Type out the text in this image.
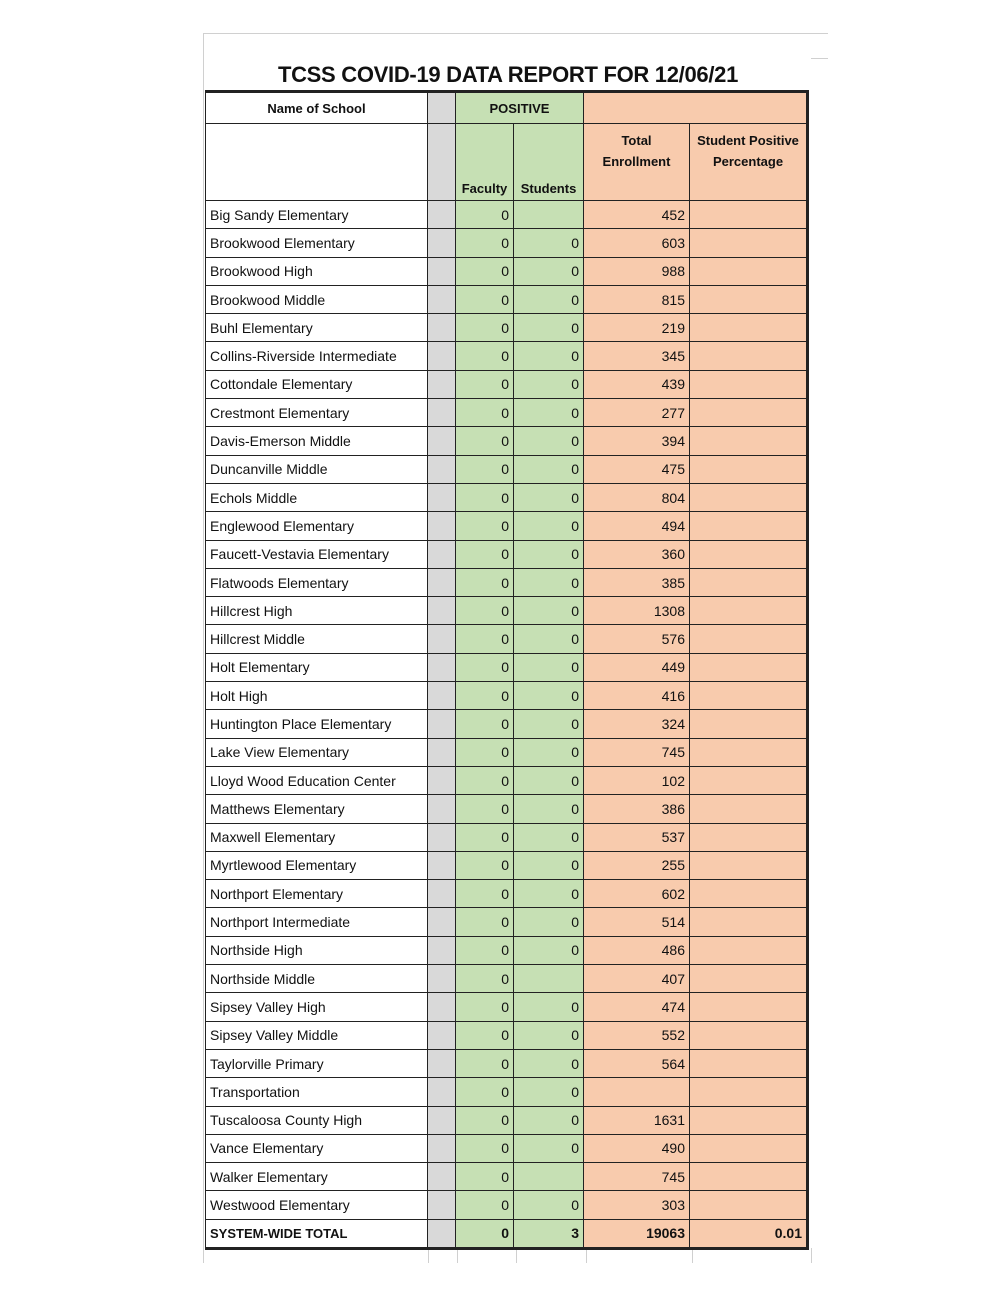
TCSS COVID-19 DATA REPORT FOR 12/06/21
Name of School		POSITIVE			
		Faculty	Students	Total Enrollment	Student Positive Percentage
Big Sandy Elementary		0		452	
Brookwood Elementary		0	0	603	
Brookwood High		0	0	988	
Brookwood Middle		0	0	815	
Buhl Elementary		0	0	219	
Collins-Riverside Intermediate		0	0	345	
Cottondale Elementary		0	0	439	
Crestmont Elementary		0	0	277	
Davis-Emerson Middle		0	0	394	
Duncanville Middle		0	0	475	
Echols Middle		0	0	804	
Englewood Elementary		0	0	494	
Faucett-Vestavia Elementary		0	0	360	
Flatwoods Elementary		0	0	385	
Hillcrest High		0	0	1308	
Hillcrest Middle		0	0	576	
Holt Elementary		0	0	449	
Holt High		0	0	416	
Huntington Place Elementary		0	0	324	
Lake View Elementary		0	0	745	
Lloyd Wood Education Center		0	0	102	
Matthews Elementary		0	0	386	
Maxwell Elementary		0	0	537	
Myrtlewood Elementary		0	0	255	
Northport Elementary		0	0	602	
Northport Intermediate		0	0	514	
Northside High		0	0	486	
Northside Middle		0		407	
Sipsey Valley High		0	0	474	
Sipsey Valley Middle		0	0	552	
Taylorville Primary		0	0	564	
Transportation		0	0		
Tuscaloosa County High		0	0	1631	
Vance Elementary		0	0	490	
Walker Elementary		0		745	
Westwood Elementary		0	0	303	
SYSTEM-WIDE TOTAL		0	3	19063	0.01
